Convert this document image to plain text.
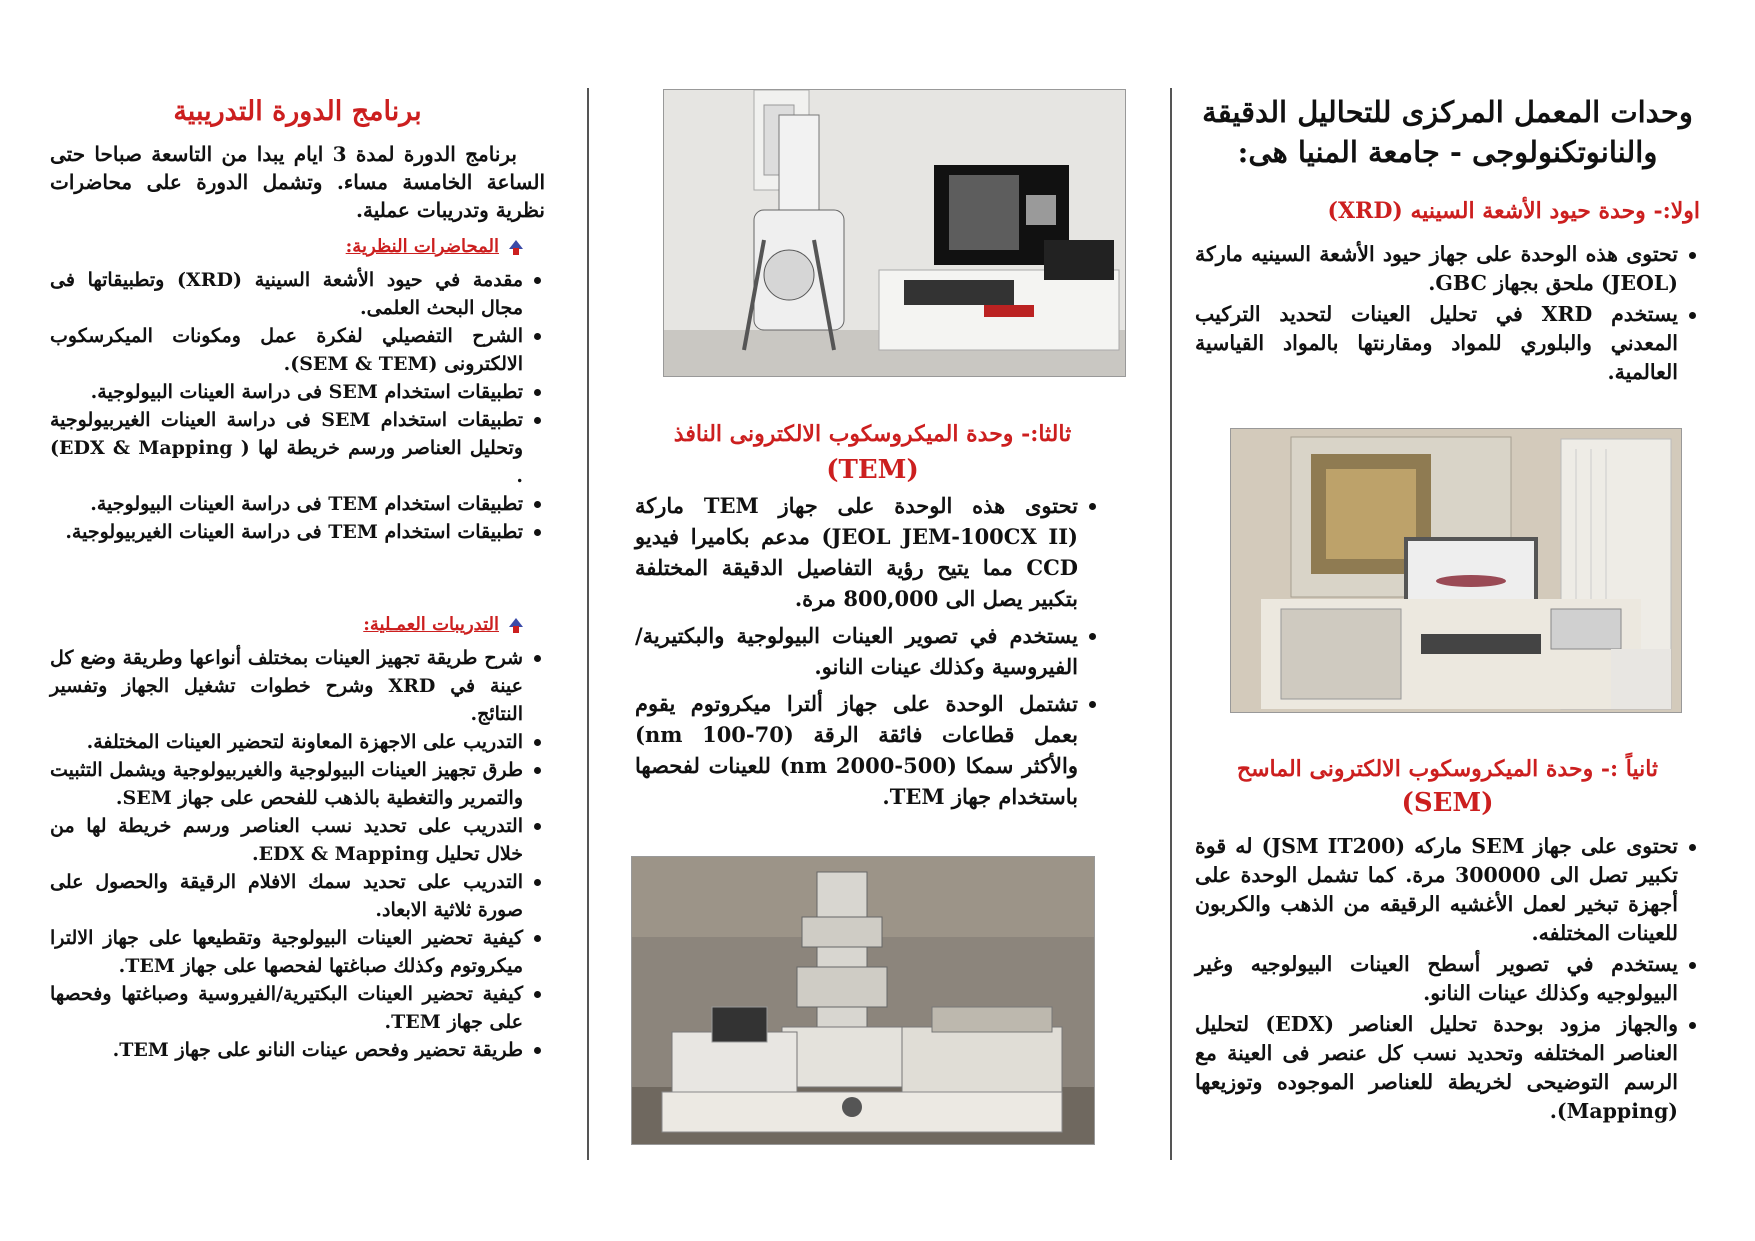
وحدات المعمل المركزى للتحاليل الدقيقة
والنانوتكنولوجى - جامعة المنيا هى:
اولا:- وحدة حيود الأشعة السينيه (XRD)
تحتوى هذه الوحدة على جهاز حيود الأشعة السينيه ماركة (JEOL) ملحق بجهاز GBC.
يستخدم XRD في تحليل العينات لتحديد التركيب المعدني والبلوري للمواد ومقارنتها بالمواد القياسية العالمية.
ثانياً :- وحدة الميكروسكوب الالكترونى الماسح
(SEM)
تحتوى على جهاز SEM ماركه (JSM IT200) له قوة تكبير تصل الى 300000 مرة. كما تشمل الوحدة على أجهزة تبخير لعمل الأغشيه الرقيقه من الذهب والكربون للعينات المختلفه.
يستخدم في تصوير أسطح العينات البيولوجيه وغير البيولوجيه وكذلك عينات النانو.
والجهاز مزود بوحدة تحليل العناصر (EDX) لتحليل العناصر المختلفه وتحديد نسب كل عنصر فى العينة مع الرسم التوضيحى لخريطة للعناصر الموجوده وتوزيعها (Mapping).
ثالثا:- وحدة الميكروسكوب الالكترونى النافذ
(TEM)
تحتوى هذه الوحدة على جهاز TEM ماركة (JEOL JEM-100CX II) مدعم بكاميرا فيديو CCD مما يتيح رؤية التفاصيل الدقيقة المختلفة بتكبير يصل الى 800,000 مرة.
يستخدم في تصوير العينات البيولوجية والبكتيرية/ الفيروسية وكذلك عينات النانو.
تشتمل الوحدة على جهاز ألترا ميكروتوم يقوم بعمل قطاعات فائقة الرقة (70-100 nm) والأكثر سمكا (500-2000 nm) للعينات لفحصها باستخدام جهاز TEM.
برنامج الدورة التدريبية
برنامج الدورة لمدة 3 ايام يبدا من التاسعة صباحا حتى الساعة الخامسة مساء. وتشمل الدورة على محاضرات نظرية وتدريبات عملية.
المحاضرات النظرية:
مقدمة في حيود الأشعة السينية (XRD) وتطبيقاتها فى مجال البحث العلمى.
الشرح التفصيلي لفكرة عمل ومكونات الميكرسكوب الالكترونى (SEM & TEM).
تطبيقات استخدام SEM فى دراسة العينات البيولوجية.
تطبيقات استخدام SEM فى دراسة العينات الغيربيولوجية وتحليل العناصر ورسم خريطة لها ( EDX & Mapping) .
تطبيقات استخدام TEM فى دراسة العينات البيولوجية.
تطبيقات استخدام TEM فى دراسة العينات الغيربيولوجية.
التدريبات العمـلية:
شرح طريقة تجهيز العينات بمختلف أنواعها وطريقة وضع كل عينة في XRD وشرح خطوات تشغيل الجهاز وتفسير النتائج.
التدريب على الاجهزة المعاونة لتحضير العينات المختلفة.
طرق تجهيز العينات البيولوجية والغيربيولوجية ويشمل التثبيت والتمرير والتغطية بالذهب للفحص على جهاز SEM.
التدريب على تحديد نسب العناصر ورسم خريطة لها من خلال تحليل EDX & Mapping.
التدريب على تحديد سمك الافلام الرقيقة والحصول على صورة ثلاثية الابعاد.
كيفية تحضير العينات البيولوجية وتقطيعها على جهاز الالترا ميكروتوم وكذلك صباغتها لفحصها على جهاز TEM.
كيفية تحضير العينات البكتيرية/الفيروسية وصباغتها وفحصها على جهاز TEM.
طريقة تحضير وفحص عينات النانو على جهاز TEM.
